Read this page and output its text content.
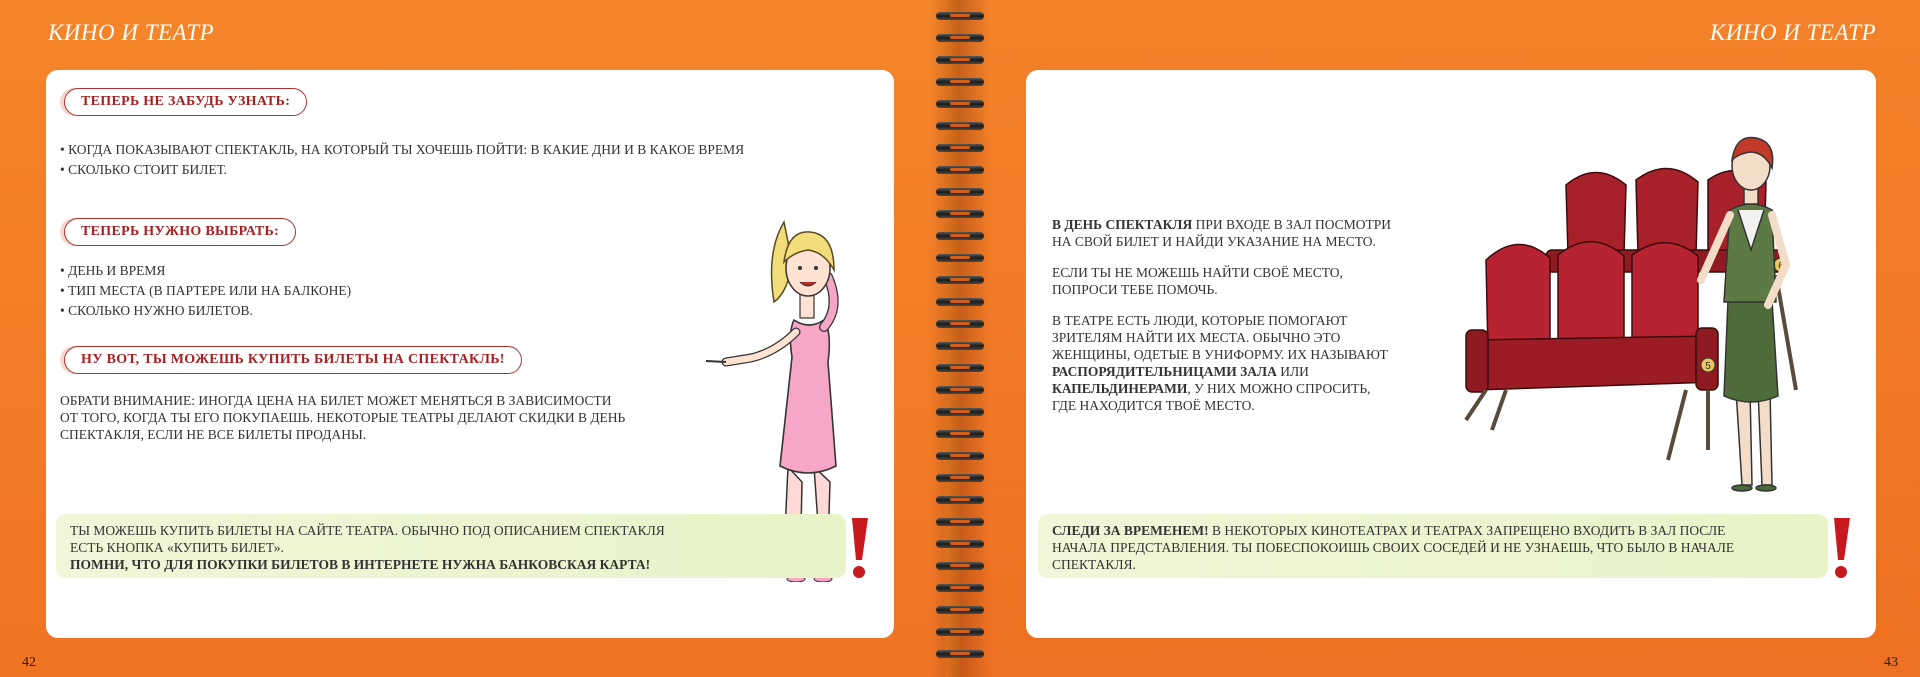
КИНО И ТЕАТР	КИНО И ТЕАТР
42	43
ТЕПЕРЬ НЕ ЗАБУДЬ УЗНАТЬ:
• КОГДА ПОКАЗЫВАЮТ СПЕКТАКЛЬ, НА КОТОРЫЙ ТЫ ХОЧЕШЬ ПОЙТИ: В КАКИЕ ДНИ И В КАКОЕ ВРЕМЯ
• СКОЛЬКО СТОИТ БИЛЕТ.
ТЕПЕРЬ НУЖНО ВЫБРАТЬ:
• ДЕНЬ И ВРЕМЯ
• ТИП МЕСТА (В ПАРТЕРЕ ИЛИ НА БАЛКОНЕ)
• СКОЛЬКО НУЖНО БИЛЕТОВ.
НУ ВОТ, ТЫ МОЖЕШЬ КУПИТЬ БИЛЕТЫ НА СПЕКТАКЛЬ!
ОБРАТИ ВНИМАНИЕ: ИНОГДА ЦЕНА НА БИЛЕТ МОЖЕТ МЕНЯТЬСЯ В ЗАВИСИМОСТИ
ОТ ТОГО, КОГДА ТЫ ЕГО ПОКУПАЕШЬ. НЕКОТОРЫЕ ТЕАТРЫ ДЕЛАЮТ СКИДКИ В ДЕНЬ
СПЕКТАКЛЯ, ЕСЛИ НЕ ВСЕ БИЛЕТЫ ПРОДАНЫ.
ТЫ МОЖЕШЬ КУПИТЬ БИЛЕТЫ НА САЙТЕ ТЕАТРА. ОБЫЧНО ПОД ОПИСАНИЕМ СПЕКТАКЛЯ
ЕСТЬ КНОПКА «КУПИТЬ БИЛЕТ».
ПОМНИ, ЧТО ДЛЯ ПОКУПКИ БИЛЕТОВ В ИНТЕРНЕТЕ НУЖНА БАНКОВСКАЯ КАРТА!
В ДЕНЬ СПЕКТАКЛЯ ПРИ ВХОДЕ В ЗАЛ ПОСМОТРИ
НА СВОЙ БИЛЕТ И НАЙДИ УКАЗАНИЕ НА МЕСТО.
ЕСЛИ ТЫ НЕ МОЖЕШЬ НАЙТИ СВОЁ МЕСТО,
ПОПРОСИ ТЕБЕ ПОМОЧЬ.
В ТЕАТРЕ ЕСТЬ ЛЮДИ, КОТОРЫЕ ПОМОГАЮТ
ЗРИТЕЛЯМ НАЙТИ ИХ МЕСТА. ОБЫЧНО ЭТО
ЖЕНЩИНЫ, ОДЕТЫЕ В УНИФОРМУ. ИХ НАЗЫВАЮТ
РАСПОРЯДИТЕЛЬНИЦАМИ ЗАЛА ИЛИ
КАПЕЛЬДИНЕРАМИ, У НИХ МОЖНО СПРОСИТЬ,
ГДЕ НАХОДИТСЯ ТВОЁ МЕСТО.
5
6
СЛЕДИ ЗА ВРЕМЕНЕМ! В НЕКОТОРЫХ КИНОТЕАТРАХ И ТЕАТРАХ ЗАПРЕЩЕНО ВХОДИТЬ В ЗАЛ ПОСЛЕ
НАЧАЛА ПРЕДСТАВЛЕНИЯ. ТЫ ПОБЕСПОКОИШЬ СВОИХ СОСЕДЕЙ И НЕ УЗНАЕШЬ, ЧТО БЫЛО В НАЧАЛЕ
СПЕКТАКЛЯ.
